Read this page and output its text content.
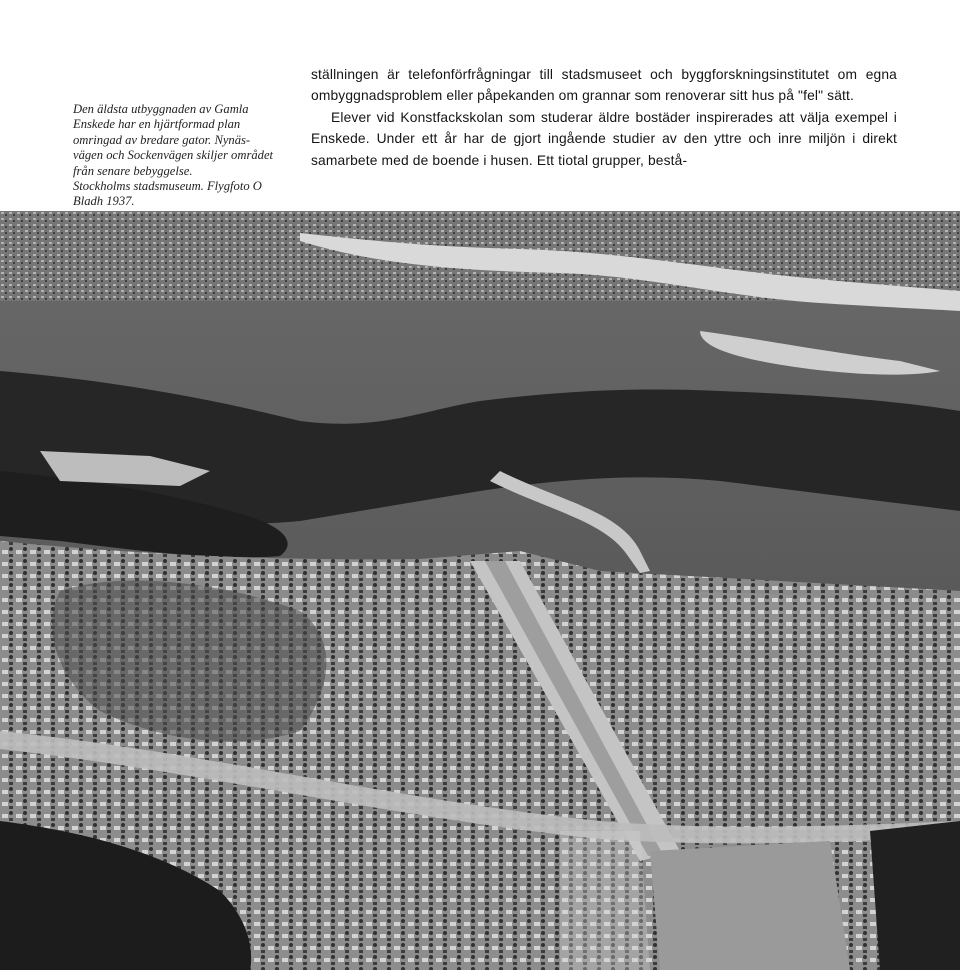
Den äldsta utbyggnaden av Gamla
Enskede har en hjärtformad plan
omringad av bredare gator. Nynäs-
vägen och Sockenvägen skiljer området
från senare bebyggelse.
Stockholms stadsmuseum. Flygfoto O
Bladh 1937.

ställningen är telefonförfrågningar till stadsmuseet och byggforskningsinstitutet om egna ombyggnadsproblem eller påpekanden om grannar som renoverar sitt hus på "fel" sätt.

Elever vid Konstfackskolan som studerar äldre bostäder inspirerades att välja exempel i Enskede. Under ett år har de gjort ingående studier av den yttre och inre miljön i direkt samarbete med de boende i husen. Ett tiotal grupper, bestå-
